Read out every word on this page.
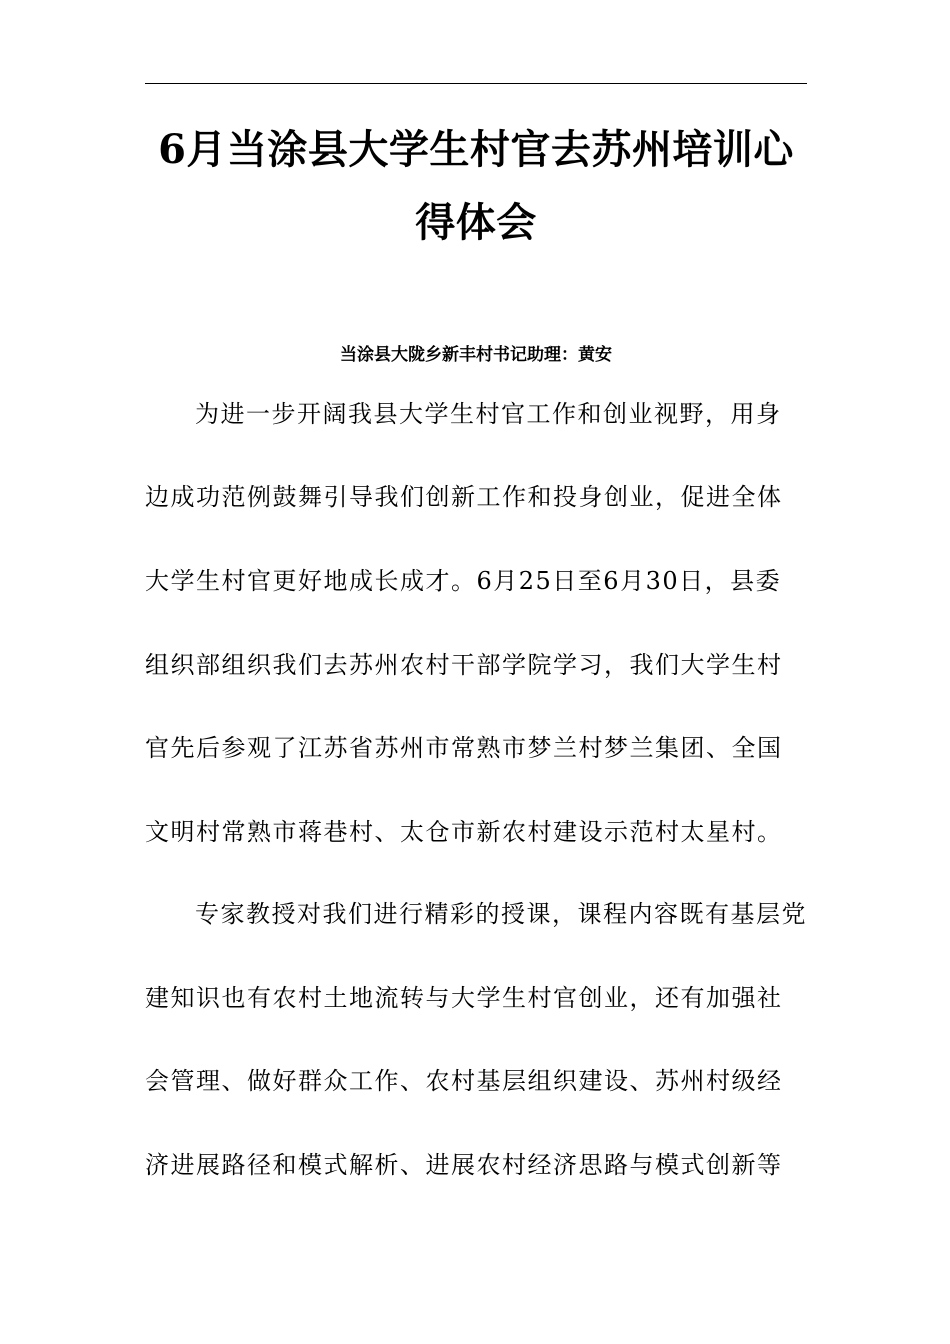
6月当涂县大学生村官去苏州培训心
得体会
当涂县大陇乡新丰村书记助理：黄安
为进一步开阔我县大学生村官工作和创业视野，用身
边成功范例鼓舞引导我们创新工作和投身创业，促进全体
大学生村官更好地成长成才。6月25日至6月30日，县委
组织部组织我们去苏州农村干部学院学习，我们大学生村
官先后参观了江苏省苏州市常熟市梦兰村梦兰集团、全国
文明村常熟市蒋巷村、太仓市新农村建设示范村太星村。
专家教授对我们进行精彩的授课，课程内容既有基层党
建知识也有农村土地流转与大学生村官创业，还有加强社
会管理、做好群众工作、农村基层组织建设、苏州村级经
济进展路径和模式解析、进展农村经济思路与模式创新等
